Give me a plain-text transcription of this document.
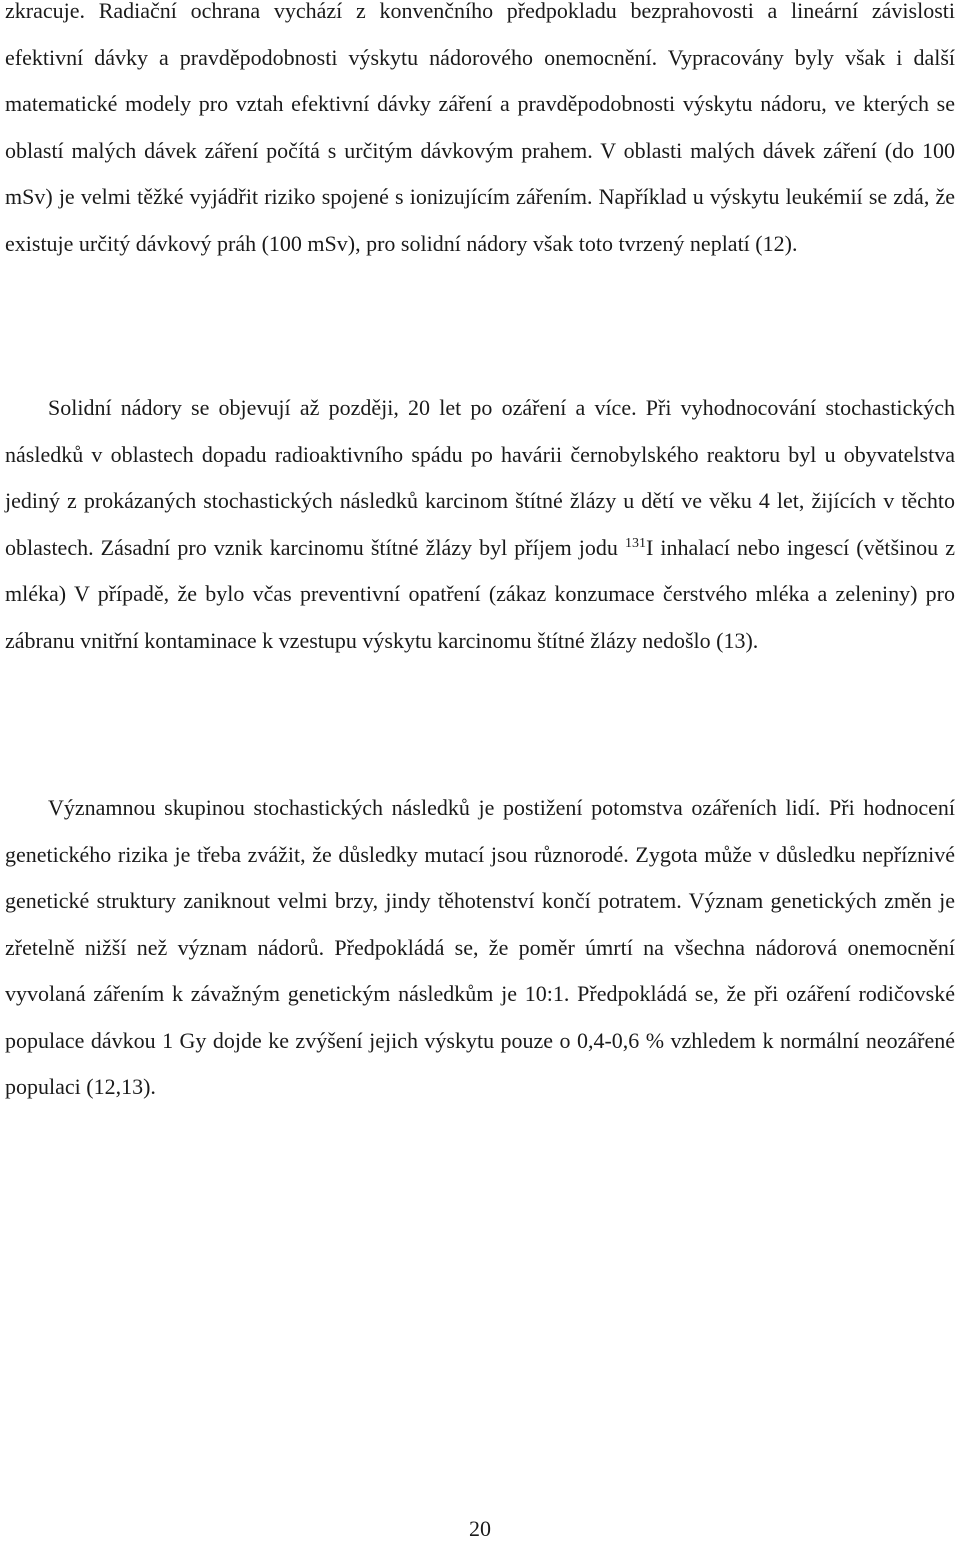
zkracuje. Radiační ochrana vychází z konvenčního předpokladu bezprahovosti a lineární závislosti efektivní dávky a pravděpodobnosti výskytu nádorového onemocnění. Vypracovány byly však i další matematické modely pro vztah efektivní dávky záření a pravděpodobnosti výskytu nádoru, ve kterých se oblastí malých dávek záření počítá s určitým dávkovým prahem. V oblasti malých dávek záření (do 100 mSv) je velmi těžké vyjádřit riziko spojené s ionizujícím zářením. Například u výskytu leukémií se zdá, že existuje určitý dávkový práh (100 mSv), pro solidní nádory však toto tvrzený neplatí (12).

Solidní nádory se objevují až později, 20 let po ozáření a více. Při vyhodnocování stochastických následků v oblastech dopadu radioaktivního spádu po havárii černobylského reaktoru byl u obyvatelstva jediný z prokázaných stochastických následků karcinom štítné žlázy u dětí ve věku 4 let, žijících v těchto oblastech. Zásadní pro vznik karcinomu štítné žlázy byl příjem jodu $^{131}$I inhalací nebo ingescí (většinou z mléka) V případě, že bylo včas preventivní opatření (zákaz konzumace čerstvého mléka a zeleniny) pro zábranu vnitřní kontaminace k vzestupu výskytu karcinomu štítné žlázy nedošlo (13).

Významnou skupinou stochastických následků je postižení potomstva ozářeních lidí. Při hodnocení genetického rizika je třeba zvážit, že důsledky mutací jsou různorodé. Zygota může v důsledku nepříznivé genetické struktury zaniknout velmi brzy, jindy těhotenství končí potratem. Význam genetických změn je zřetelně nižší než význam nádorů. Předpokládá se, že poměr úmrtí na všechna nádorová onemocnění vyvolaná zářením k závažným genetickým následkům je 10:1. Předpokládá se, že při ozáření rodičovské populace dávkou 1 Gy dojde ke zvýšení jejich výskytu pouze o 0,4-0,6 % vzhledem k normální neozářené populaci (12,13).

20
